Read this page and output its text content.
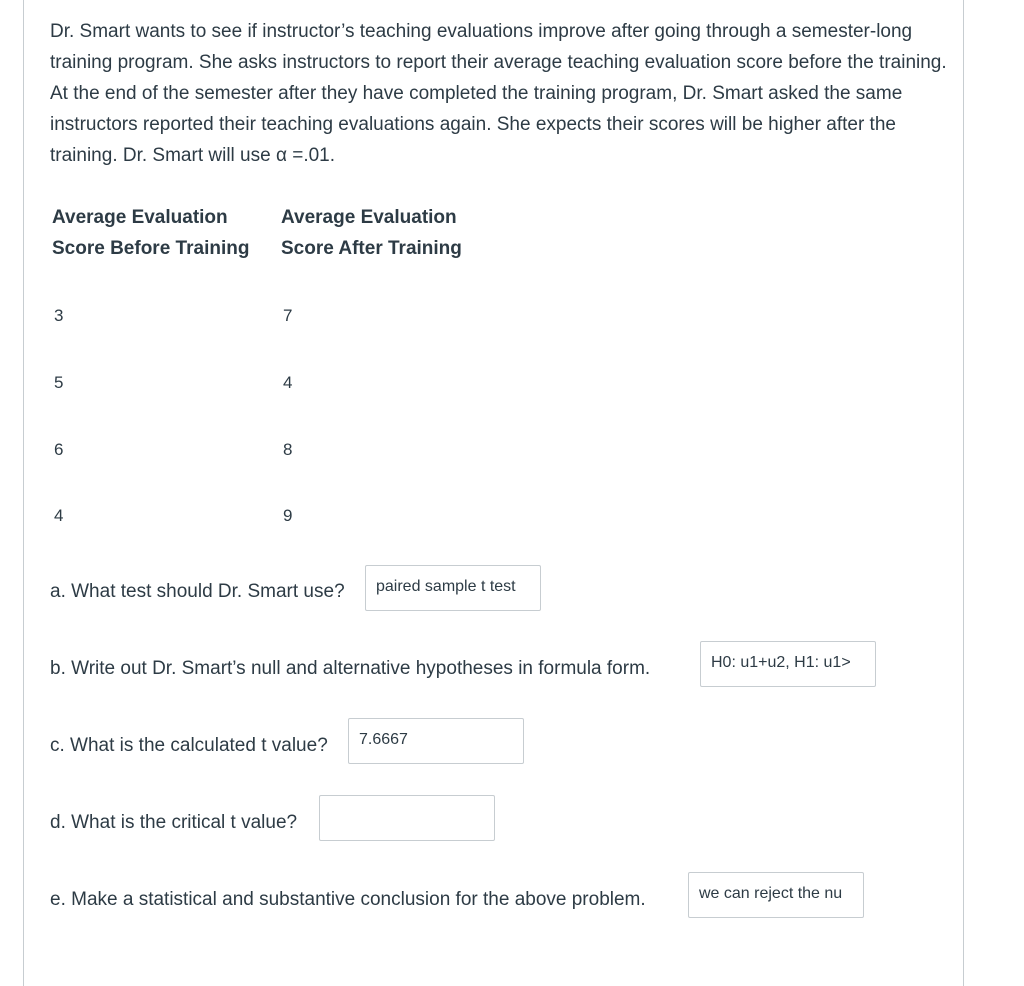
Dr. Smart wants to see if instructor’s teaching evaluations improve after going through a semester-long training program. She asks instructors to report their average teaching evaluation score before the training. At the end of the semester after they have completed the training program, Dr. Smart asked the same instructors reported their teaching evaluations again. She expects their scores will be higher after the training. Dr. Smart will use α =.01.

Average Evaluation
Score Before Training
Average Evaluation
Score After Training
3	7
5	4
6	8
4	9
a. What test should Dr. Smart use?	paired sample t test
b. Write out Dr. Smart’s null and alternative hypotheses in formula form.	H0: u1+u2, H1: u1>
c. What is the calculated t value?	7.6667
d. What is the critical t value?
e. Make a statistical and substantive conclusion for the above problem.	we can reject the nu
